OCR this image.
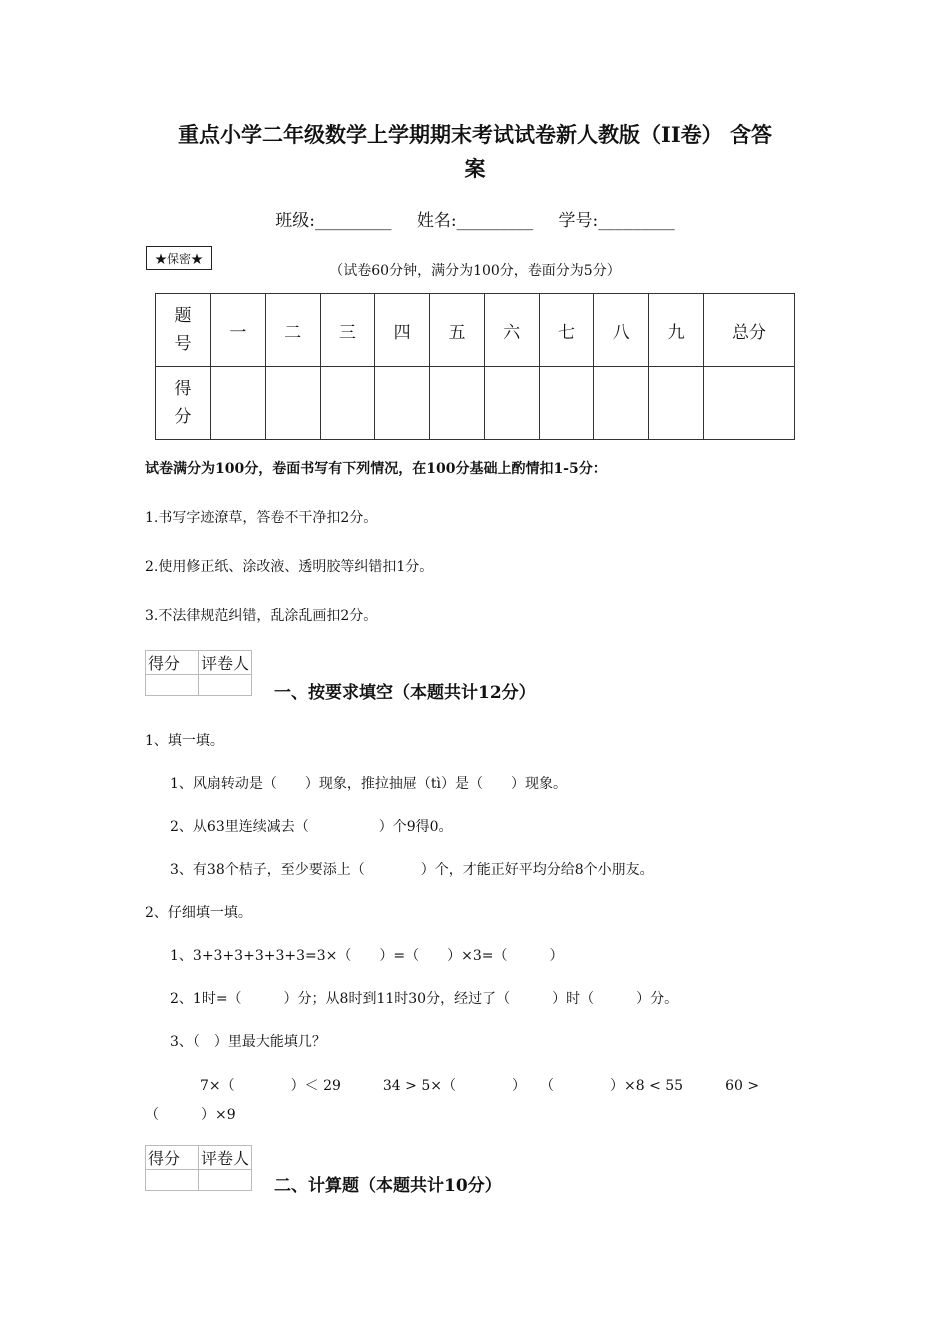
重点小学二年级数学上学期期末考试试卷新人教版（II卷） 含答
案
班级:_________ 姓名:_________ 学号:_________
★保密★
（试卷60分钟，满分为100分，卷面分为5分）
题
号	一	二	三	四	五	六	七	八	九	总分

得
分										

试卷满分为100分，卷面书写有下列情况，在100分基础上酌情扣1-5分：
1.书写字迹潦草，答卷不干净扣2分。
2.使用修正纸、涂改液、透明胶等纠错扣1分。
3.不法律规范纠错，乱涂乱画扣2分。
得分	评卷人

一、按要求填空（本题共计12分）
1、填一填。
1、风扇转动是（　　）现象，推拉抽屉（tì）是（　　）现象。
2、从63里连续减去（　　　　　）个9得0。
3、有38个桔子，至少要添上（　　　　）个，才能正好平均分给8个小朋友。
2、仔细填一填。
1、3+3+3+3+3+3=3×（　　）=（　　）×3=（　　　）
2、1时=（　　　）分；从8时到11时30分，经过了（　　　）时（　　　）分。
3、（　）里最大能填几？
7×（　　　　）＜ 29　　　34 > 5×（　　　　）　　（　　　　）×8 < 55　　　60 >
（　　　）×9
得分	评卷人

二、计算题（本题共计10分）
